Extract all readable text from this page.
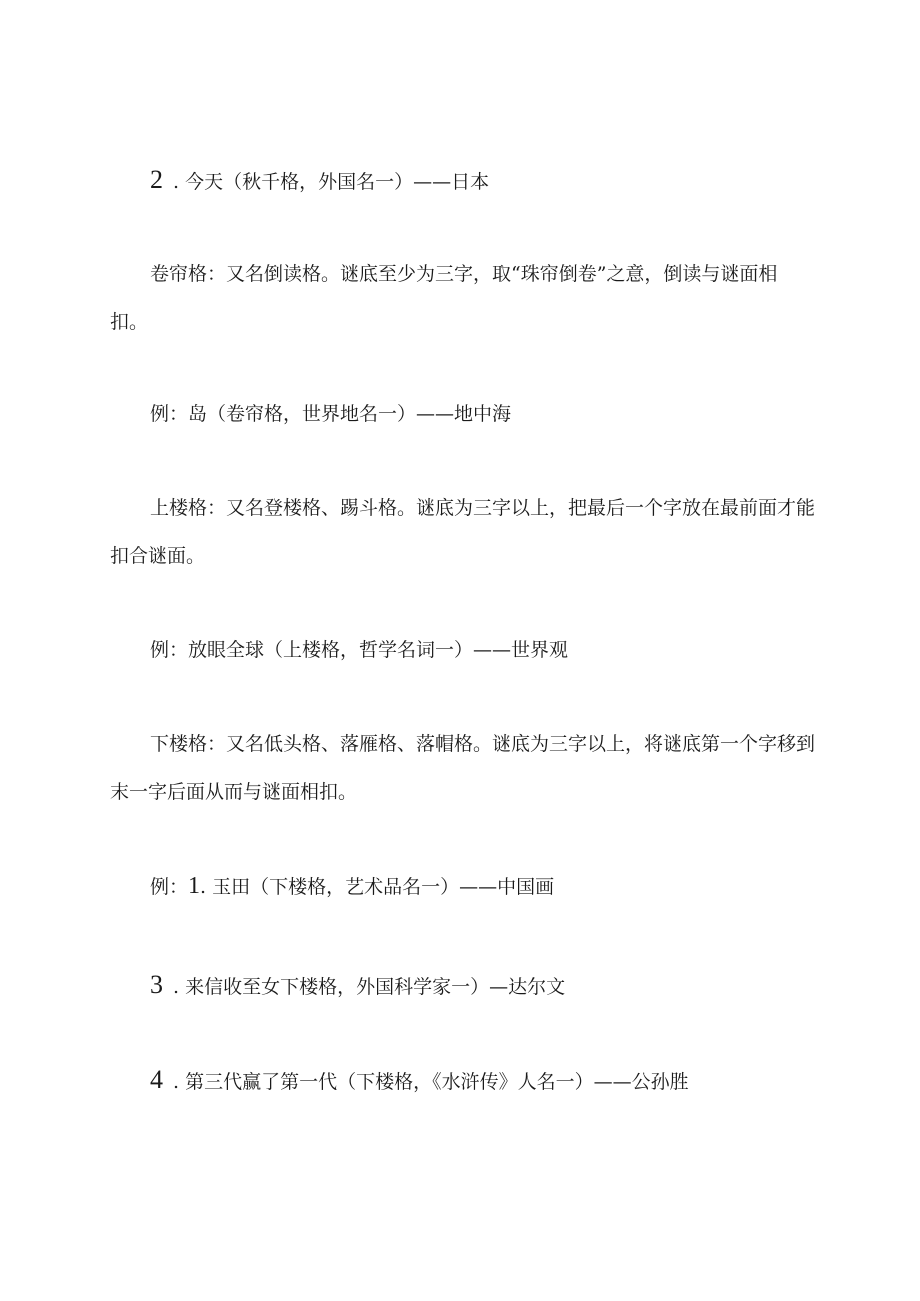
2 . 今天（秋千格，外国名一）——日本

卷帘格：又名倒读格。谜底至少为三字，取“珠帘倒卷”之意，倒读与谜面相扣。

例：岛（卷帘格，世界地名一）——地中海

上楼格：又名登楼格、踢斗格。谜底为三字以上，把最后一个字放在最前面才能扣合谜面。

例：放眼全球（上楼格，哲学名词一）——世界观

下楼格：又名低头格、落雁格、落帽格。谜底为三字以上，将谜底第一个字移到末一字后面从而与谜面相扣。

例：1. 玉田（下楼格，艺术品名一）——中国画

3 . 来信收至女下楼格，外国科学家一）—达尔文

4 . 第三代赢了第一代（下楼格，《水浒传》人名一）——公孙胜
